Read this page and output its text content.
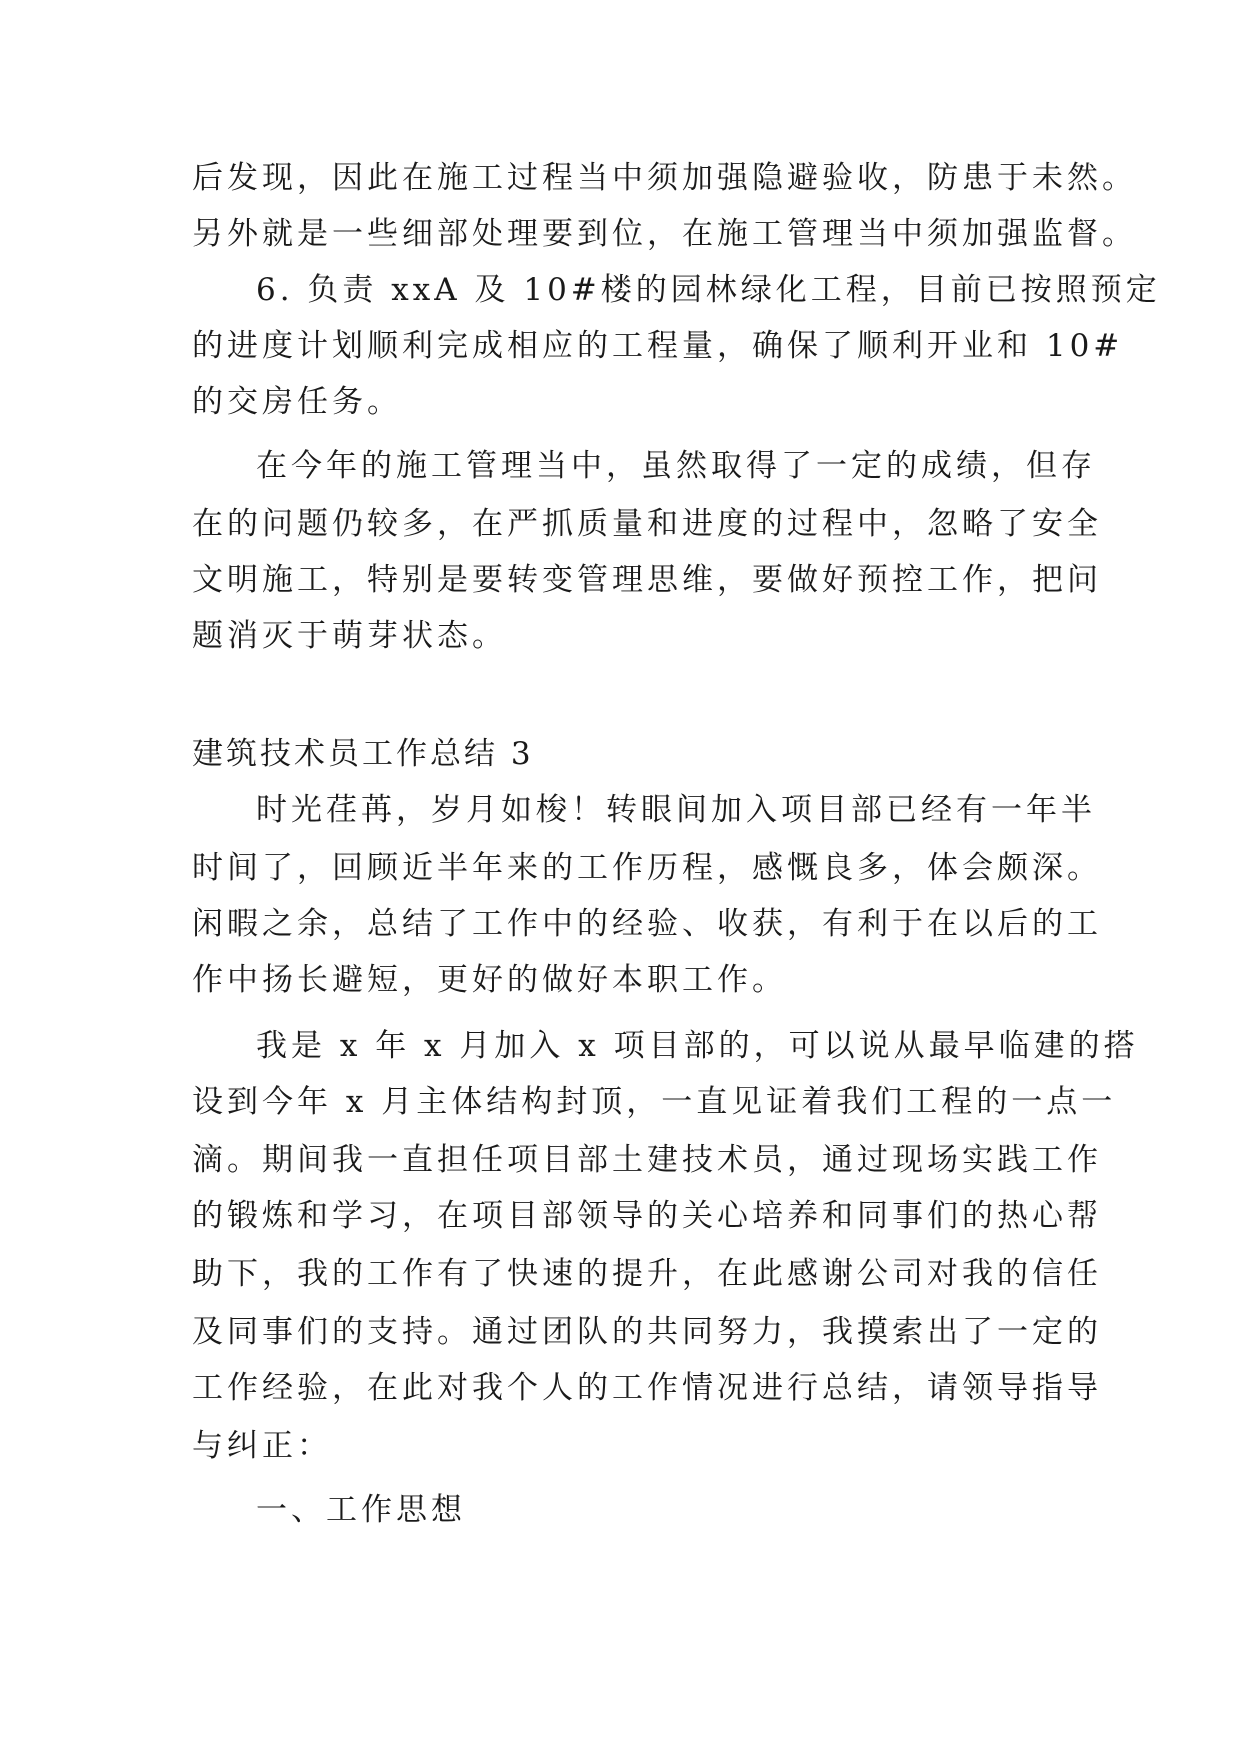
后发现，因此在施工过程当中须加强隐避验收，防患于未然。
另外就是一些细部处理要到位，在施工管理当中须加强监督。
6. 负责 xxA 及 10#楼的园林绿化工程，目前已按照预定
的进度计划顺利完成相应的工程量，确保了顺利开业和 10#
的交房任务。
在今年的施工管理当中，虽然取得了一定的成绩，但存
在的问题仍较多，在严抓质量和进度的过程中，忽略了安全
文明施工，特别是要转变管理思维，要做好预控工作，把问
题消灭于萌芽状态。
建筑技术员工作总结 3
时光荏苒，岁月如梭！转眼间加入项目部已经有一年半
时间了，回顾近半年来的工作历程，感慨良多，体会颇深。
闲暇之余，总结了工作中的经验、收获，有利于在以后的工
作中扬长避短，更好的做好本职工作。
我是 x 年 x 月加入 x 项目部的，可以说从最早临建的搭
设到今年 x 月主体结构封顶，一直见证着我们工程的一点一
滴。期间我一直担任项目部土建技术员，通过现场实践工作
的锻炼和学习，在项目部领导的关心培养和同事们的热心帮
助下，我的工作有了快速的提升，在此感谢公司对我的信任
及同事们的支持。通过团队的共同努力，我摸索出了一定的
工作经验，在此对我个人的工作情况进行总结，请领导指导
与纠正：
一、工作思想
